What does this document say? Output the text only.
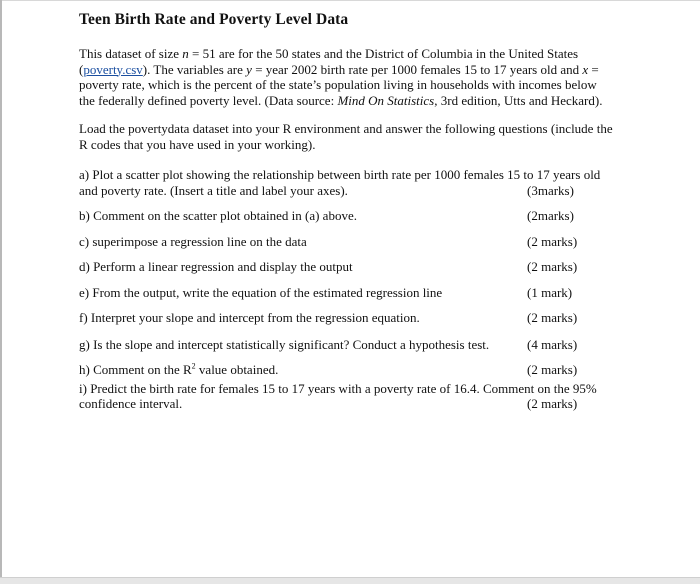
Teen Birth Rate and Poverty Level Data

This dataset of size n = 51 are for the 50 states and the District of Columbia in the United States (poverty.csv). The variables are y = year 2002 birth rate per 1000 females 15 to 17 years old and x = poverty rate, which is the percent of the state’s population living in households with incomes below the federally defined poverty level. (Data source: Mind On Statistics, 3rd edition, Utts and Heckard).

Load the povertydata dataset into your R environment and answer the following questions (include the R codes that you have used in your working).

a) Plot a scatter plot showing the relationship between birth rate per 1000 females 15 to 17 years old and poverty rate. (Insert a title and label your axes).	(3marks)
b) Comment on the scatter plot obtained in (a) above.	(2marks)
c) superimpose a regression line on the data	(2 marks)
d) Perform a linear regression and display the output	(2 marks)
e) From the output, write the equation of the estimated regression line	(1 mark)
f) Interpret your slope and intercept from the regression equation.	(2 marks)
g) Is the slope and intercept statistically significant? Conduct a hypothesis test.	(4 marks)
h) Comment on the $R^2$ value obtained.	(2 marks)
i) Predict the birth rate for females 15 to 17 years with a poverty rate of 16.4. Comment on the 95% confidence interval.	(2 marks)
